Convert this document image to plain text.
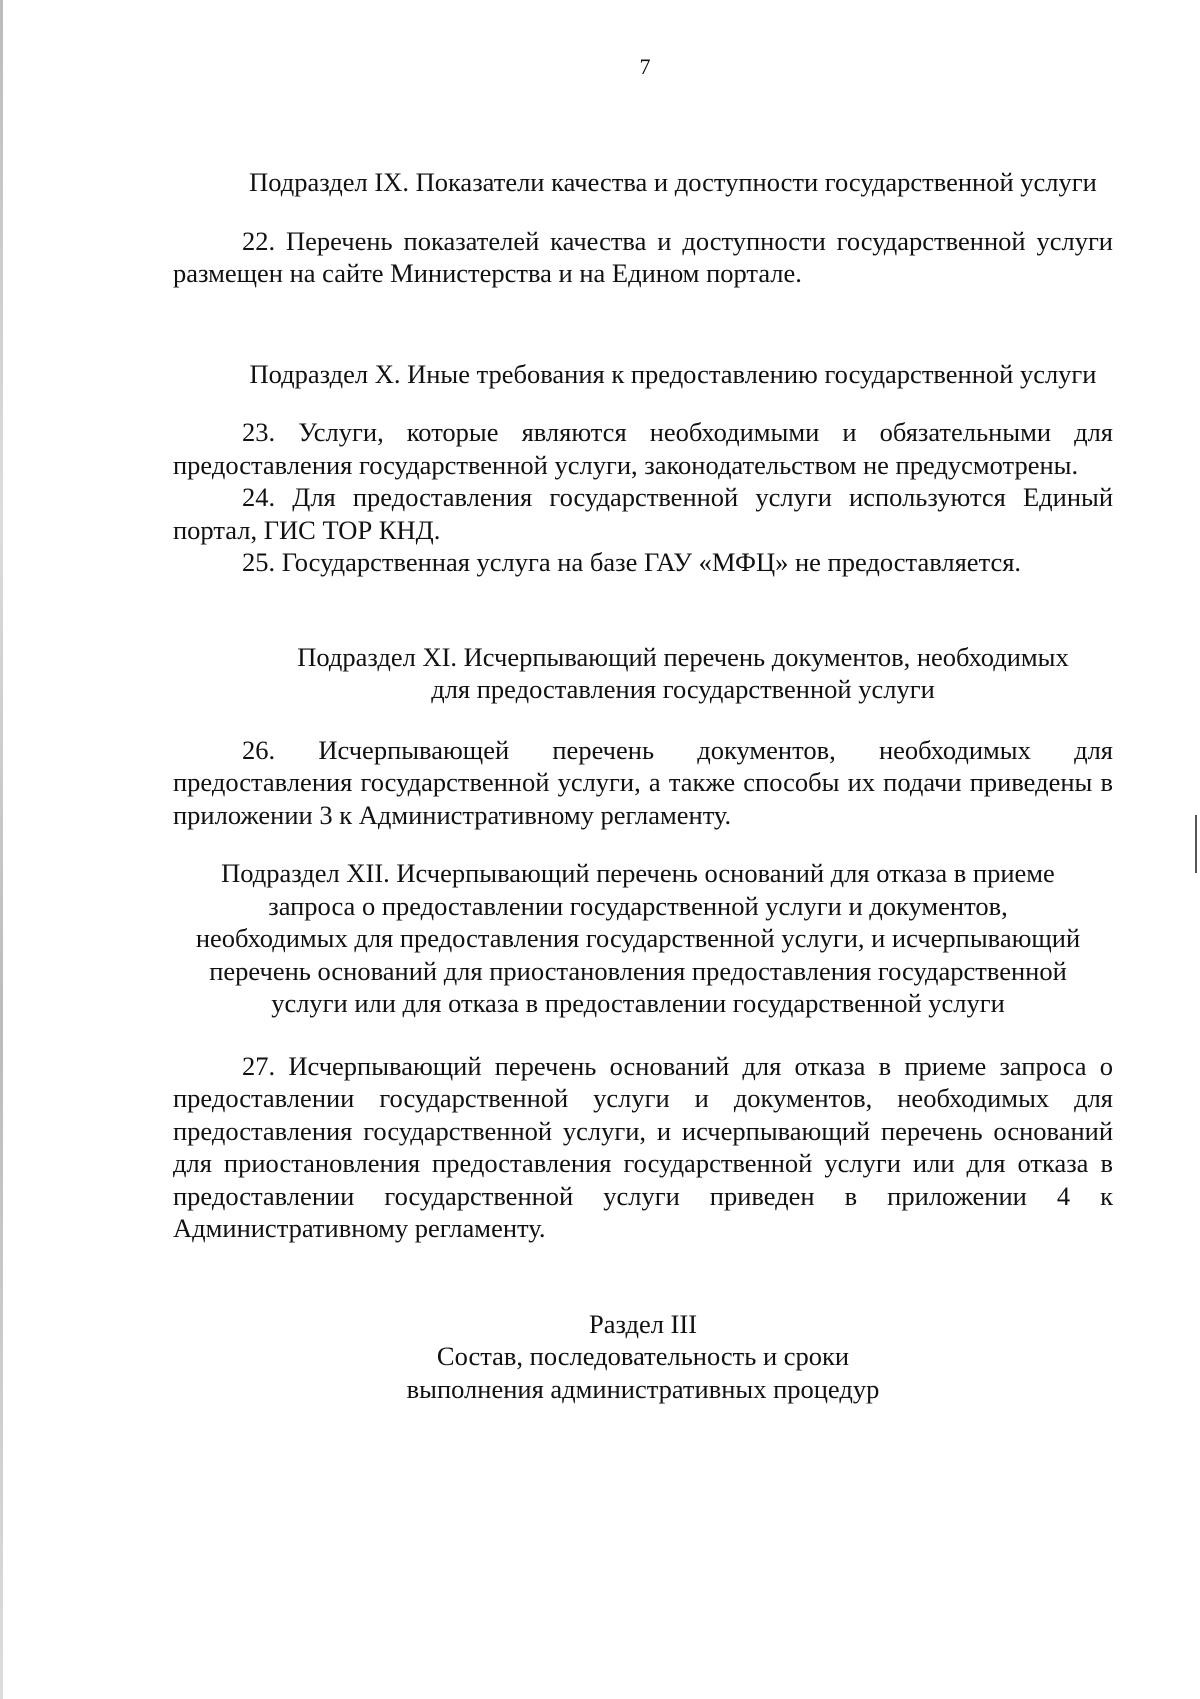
7

Подраздел IX. Показатели качества и доступности государственной услуги

22. Перечень показателей качества и доступности государственной услуги размещен на сайте Министерства и на Едином портале.

Подраздел X. Иные требования к предоставлению государственной услуги

23. Услуги, которые являются необходимыми и обязательными для предоставления государственной услуги, законодательством не предусмотрены.

24. Для предоставления государственной услуги используются Единый портал, ГИС ТОР КНД.

25. Государственная услуга на базе ГАУ «МФЦ» не предоставляется.

Подраздел XI. Исчерпывающий перечень документов, необходимых для предоставления государственной услуги

26. Исчерпывающей перечень документов, необходимых для предоставления государственной услуги, а также способы их подачи приведены в приложении 3 к Административному регламенту.

Подраздел XII. Исчерпывающий перечень оснований для отказа в приеме запроса о предоставлении государственной услуги и документов, необходимых для предоставления государственной услуги, и исчерпывающий перечень оснований для приостановления предоставления государственной услуги или для отказа в предоставлении государственной услуги

27. Исчерпывающий перечень оснований для отказа в приеме запроса о предоставлении государственной услуги и документов, необходимых для предоставления государственной услуги, и исчерпывающий перечень оснований для приостановления предоставления государственной услуги или для отказа в предоставлении государственной услуги приведен в приложении 4 к Административному регламенту.

Раздел III

Состав, последовательность и сроки выполнения административных процедур
